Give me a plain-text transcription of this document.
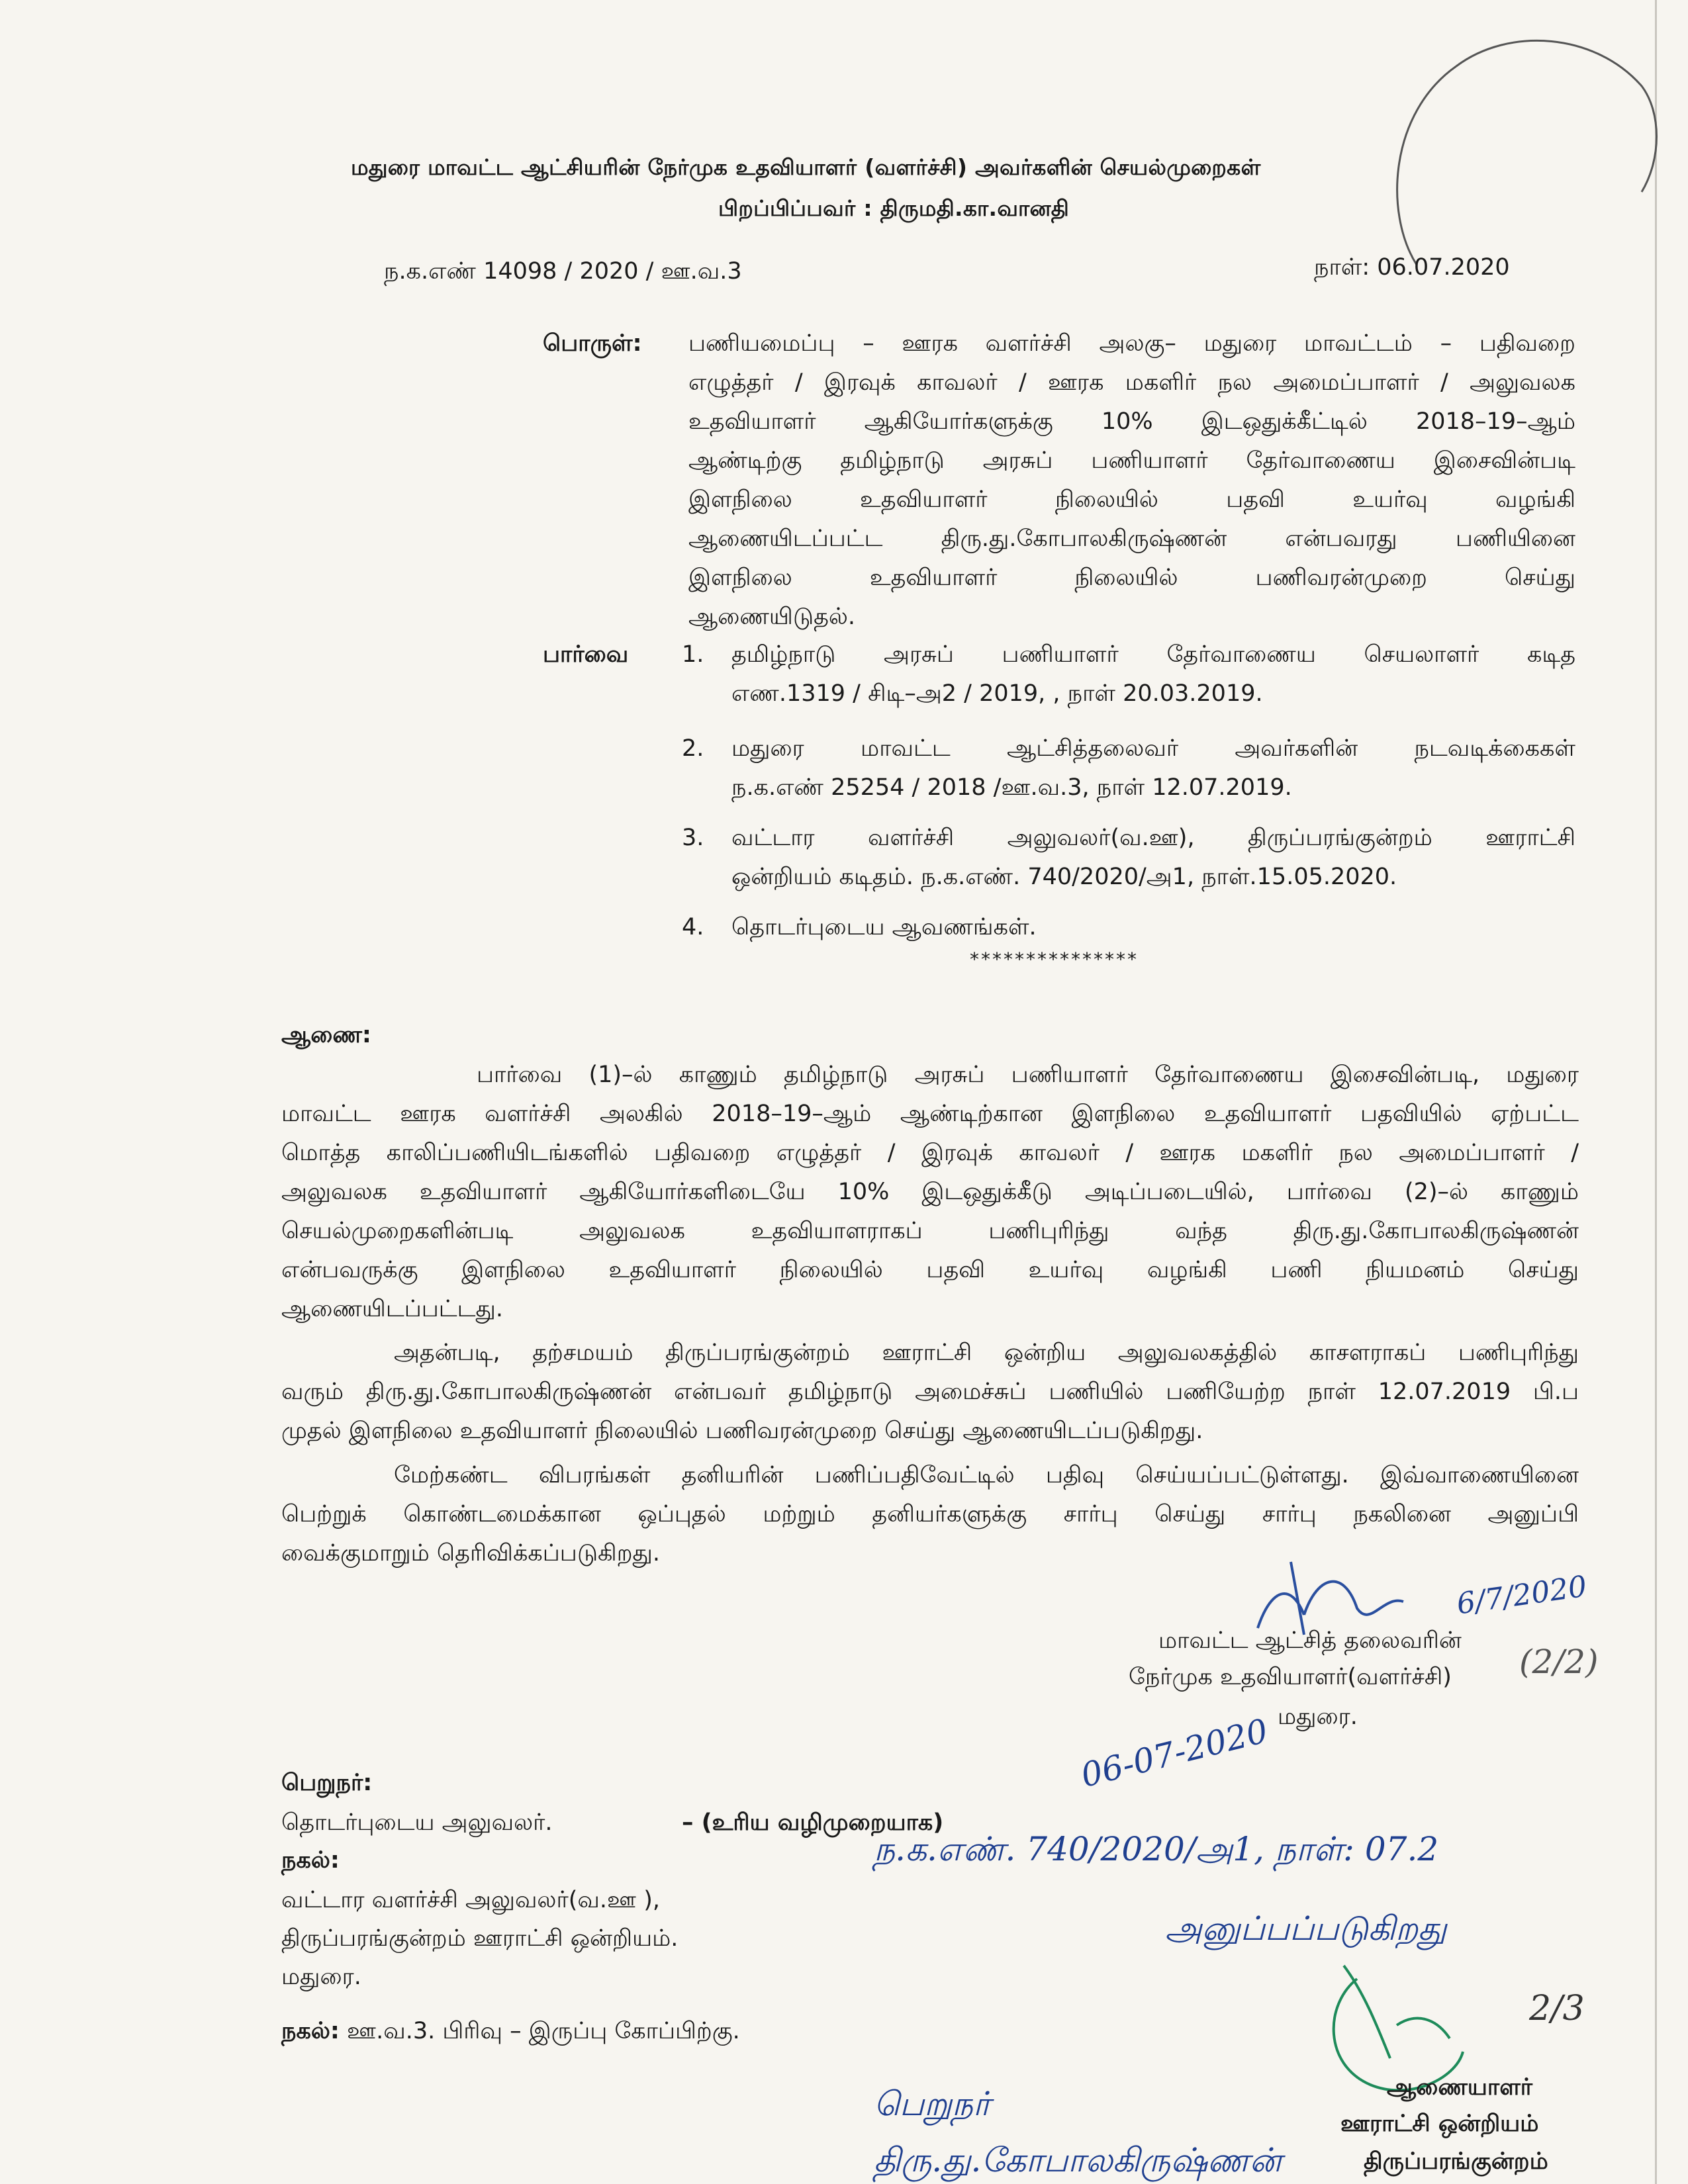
மதுரை மாவட்ட ஆட்சியரின் நேர்முக உதவியாளர் (வளர்ச்சி) அவர்களின் செயல்முறைகள்
பிறப்பிப்பவர் : திருமதி.கா.வானதி
ந.க.எண் 14098 / 2020 / ஊ.வ.3	நாள்: 06.07.2020
பொருள்: பணியமைப்பு – ஊரக வளர்ச்சி அலகு– மதுரை மாவட்டம் – பதிவறை
எழுத்தர் / இரவுக் காவலர் / ஊரக மகளிர் நல அமைப்பாளர் / அலுவலக
உதவியாளர் ஆகியோர்களுக்கு 10% இடஒதுக்கீட்டில் 2018–19–ஆம்
ஆண்டிற்கு தமிழ்நாடு அரசுப் பணியாளர் தேர்வாணைய இசைவின்படி
இளநிலை உதவியாளர் நிலையில் பதவி உயர்வு வழங்கி
ஆணையிடப்பட்ட திரு.து.கோபாலகிருஷ்ணன் என்பவரது பணியினை
இளநிலை உதவியாளர் நிலையில் பணிவரன்முறை செய்து
ஆணையிடுதல்.
பார்வை 1. தமிழ்நாடு அரசுப் பணியாளர் தேர்வாணைய செயலாளர் கடித
எண.1319 / சிடி–அ2 / 2019, , நாள் 20.03.2019.
2. மதுரை மாவட்ட ஆட்சித்தலைவர் அவர்களின் நடவடிக்கைகள்
ந.க.எண் 25254 / 2018 /ஊ.வ.3, நாள் 12.07.2019.
3. வட்டார வளர்ச்சி அலுவலர்(வ.ஊ), திருப்பரங்குன்றம் ஊராட்சி
ஒன்றியம் கடிதம். ந.க.எண். 740/2020/அ1, நாள்.15.05.2020.
4. தொடர்புடைய ஆவணங்கள்.
***************
ஆணை:
பார்வை (1)–ல் காணும் தமிழ்நாடு அரசுப் பணியாளர் தேர்வாணைய இசைவின்படி, மதுரை
மாவட்ட ஊரக வளர்ச்சி அலகில் 2018–19–ஆம் ஆண்டிற்கான இளநிலை உதவியாளர் பதவியில் ஏற்பட்ட
மொத்த காலிப்பணியிடங்களில் பதிவறை எழுத்தர் / இரவுக் காவலர் / ஊரக மகளிர் நல அமைப்பாளர் /
அலுவலக உதவியாளர் ஆகியோர்களிடையே 10% இடஒதுக்கீடு அடிப்படையில், பார்வை (2)–ல் காணும்
செயல்முறைகளின்படி அலுவலக உதவியாளராகப் பணிபுரிந்து வந்த திரு.து.கோபாலகிருஷ்ணன்
என்பவருக்கு இளநிலை உதவியாளர் நிலையில் பதவி உயர்வு வழங்கி பணி நியமனம் செய்து
ஆணையிடப்பட்டது.
அதன்படி, தற்சமயம் திருப்பரங்குன்றம் ஊராட்சி ஒன்றிய அலுவலகத்தில் காசளராகப் பணிபுரிந்து
வரும் திரு.து.கோபாலகிருஷ்ணன் என்பவர் தமிழ்நாடு அமைச்சுப் பணியில் பணியேற்ற நாள் 12.07.2019 பி.ப
முதல் இளநிலை உதவியாளர் நிலையில் பணிவரன்முறை செய்து ஆணையிடப்படுகிறது.
மேற்கண்ட விபரங்கள் தனியரின் பணிப்பதிவேட்டில் பதிவு செய்யப்பட்டுள்ளது. இவ்வாணையினை
பெற்றுக் கொண்டமைக்கான ஒப்புதல் மற்றும் தனியர்களுக்கு சார்பு செய்து சார்பு நகலினை அனுப்பி
வைக்குமாறும் தெரிவிக்கப்படுகிறது.
6/7/2020
மாவட்ட ஆட்சித் தலைவரின்
நேர்முக உதவியாளர்(வளர்ச்சி)
மதுரை.
(2/2)
06-07-2020
பெறுநர்:
தொடர்புடைய அலுவலர்.	– (உரிய வழிமுறையாக)
நகல்:
வட்டார வளர்ச்சி அலுவலர்(வ.ஊ ),
திருப்பரங்குன்றம் ஊராட்சி ஒன்றியம்.
மதுரை.
நகல்: ஊ.வ.3. பிரிவு – இருப்பு கோப்பிற்கு.
ந.க.எண். 740/2020/அ1, நாள்: 07.2
அனுப்பப்படுகிறது
2/3
ஆணையாளர்
ஊராட்சி ஒன்றியம்
திருப்பரங்குன்றம்
பெறுநர்
திரு.து.கோபாலகிருஷ்ணன்
